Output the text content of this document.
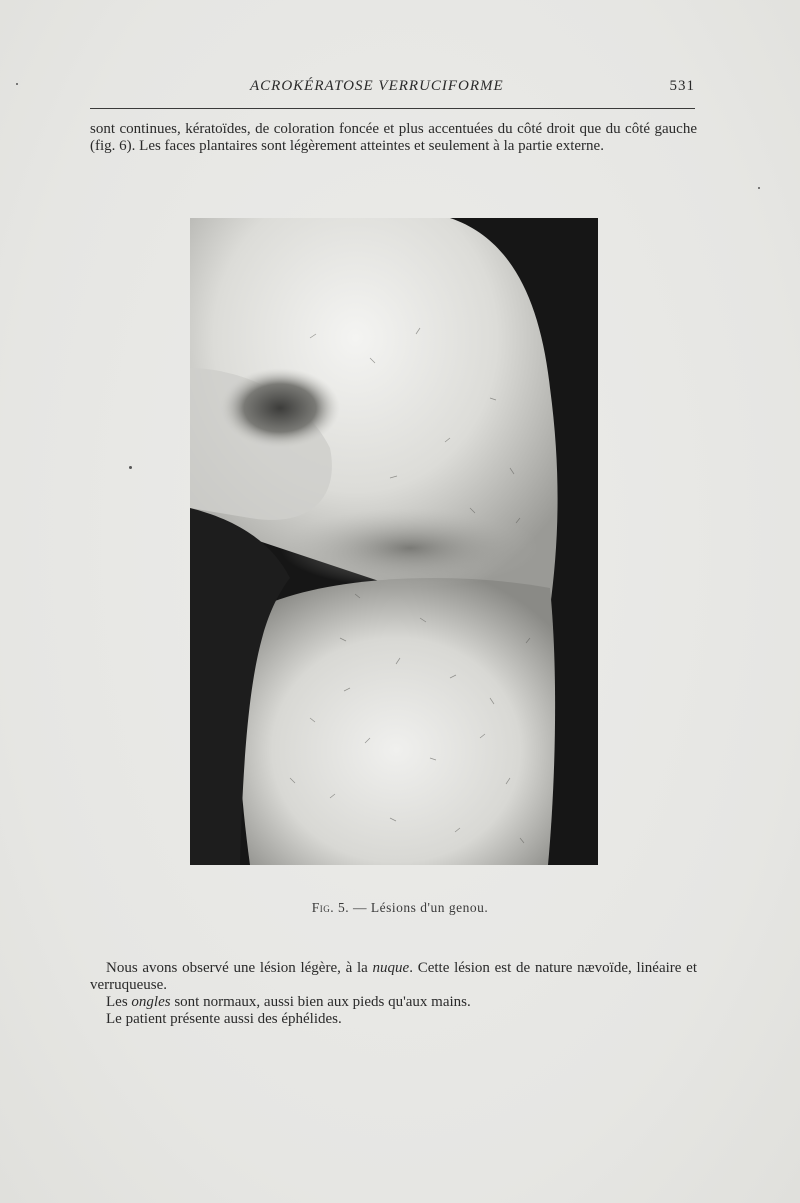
ACROKÉRATOSE VERRUCIFORME	531
sont continues, kératoïdes, de coloration foncée et plus accentuées du côté droit que du côté gauche (fig. 6). Les faces plantaires sont légèrement atteintes et seulement à la partie externe.
Fig. 5. — Lésions d'un genou.

Nous avons observé une lésion légère, à la nuque. Cette lésion est de nature nævoïde, linéaire et verruqueuse.

Les ongles sont normaux, aussi bien aux pieds qu'aux mains.

Le patient présente aussi des éphélides.
